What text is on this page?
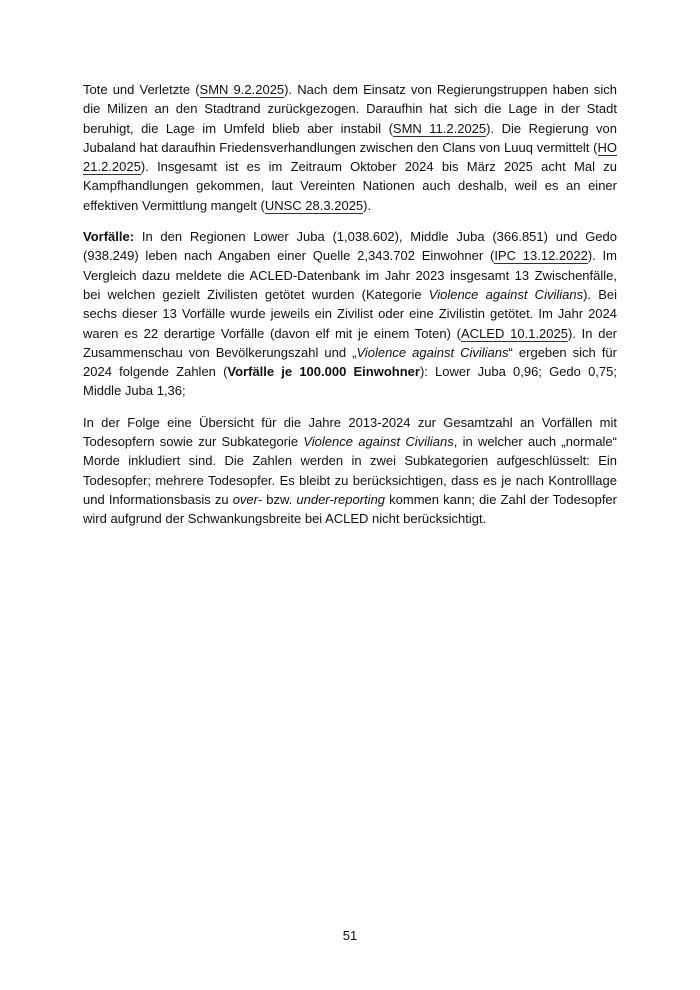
Tote und Verletzte (SMN 9.2.2025). Nach dem Einsatz von Regierungstruppen haben sich die Milizen an den Stadtrand zurückgezogen. Daraufhin hat sich die Lage in der Stadt beruhigt, die Lage im Umfeld blieb aber instabil (SMN 11.2.2025). Die Regierung von Jubaland hat daraufhin Friedensverhandlungen zwischen den Clans von Luuq vermittelt (HO 21.2.2025). Insgesamt ist es im Zeitraum Oktober 2024 bis März 2025 acht Mal zu Kampfhandlungen gekommen, laut Vereinten Nationen auch deshalb, weil es an einer effektiven Vermittlung mangelt (UNSC 28.3.2025).

Vorfälle: In den Regionen Lower Juba (1,038.602), Middle Juba (366.851) und Gedo (938.249) leben nach Angaben einer Quelle 2,343.702 Einwohner (IPC 13.12.2022). Im Vergleich dazu meldete die ACLED-Datenbank im Jahr 2023 insgesamt 13 Zwischenfälle, bei welchen gezielt Zivilisten getötet wurden (Kategorie Violence against Civilians). Bei sechs dieser 13 Vorfälle wurde jeweils ein Zivilist oder eine Zivilistin getötet. Im Jahr 2024 waren es 22 derartige Vorfälle (davon elf mit je einem Toten) (ACLED 10.1.2025). In der Zusammenschau von Bevölkerungszahl und „Violence against Civilians“ ergeben sich für 2024 folgende Zahlen (Vorfälle je 100.000 Einwohner): Lower Juba 0,96; Gedo 0,75; Middle Juba 1,36;

In der Folge eine Übersicht für die Jahre 2013-2024 zur Gesamtzahl an Vorfällen mit Todesopfern sowie zur Subkategorie Violence against Civilians, in welcher auch „normale“ Morde inkludiert sind. Die Zahlen werden in zwei Subkategorien aufgeschlüsselt: Ein Todesopfer; mehrere Todesopfer. Es bleibt zu berücksichtigen, dass es je nach Kontrolllage und Informationsbasis zu over- bzw. under-reporting kommen kann; die Zahl der Todesopfer wird aufgrund der Schwankungsbreite bei ACLED nicht berücksichtigt.

51
